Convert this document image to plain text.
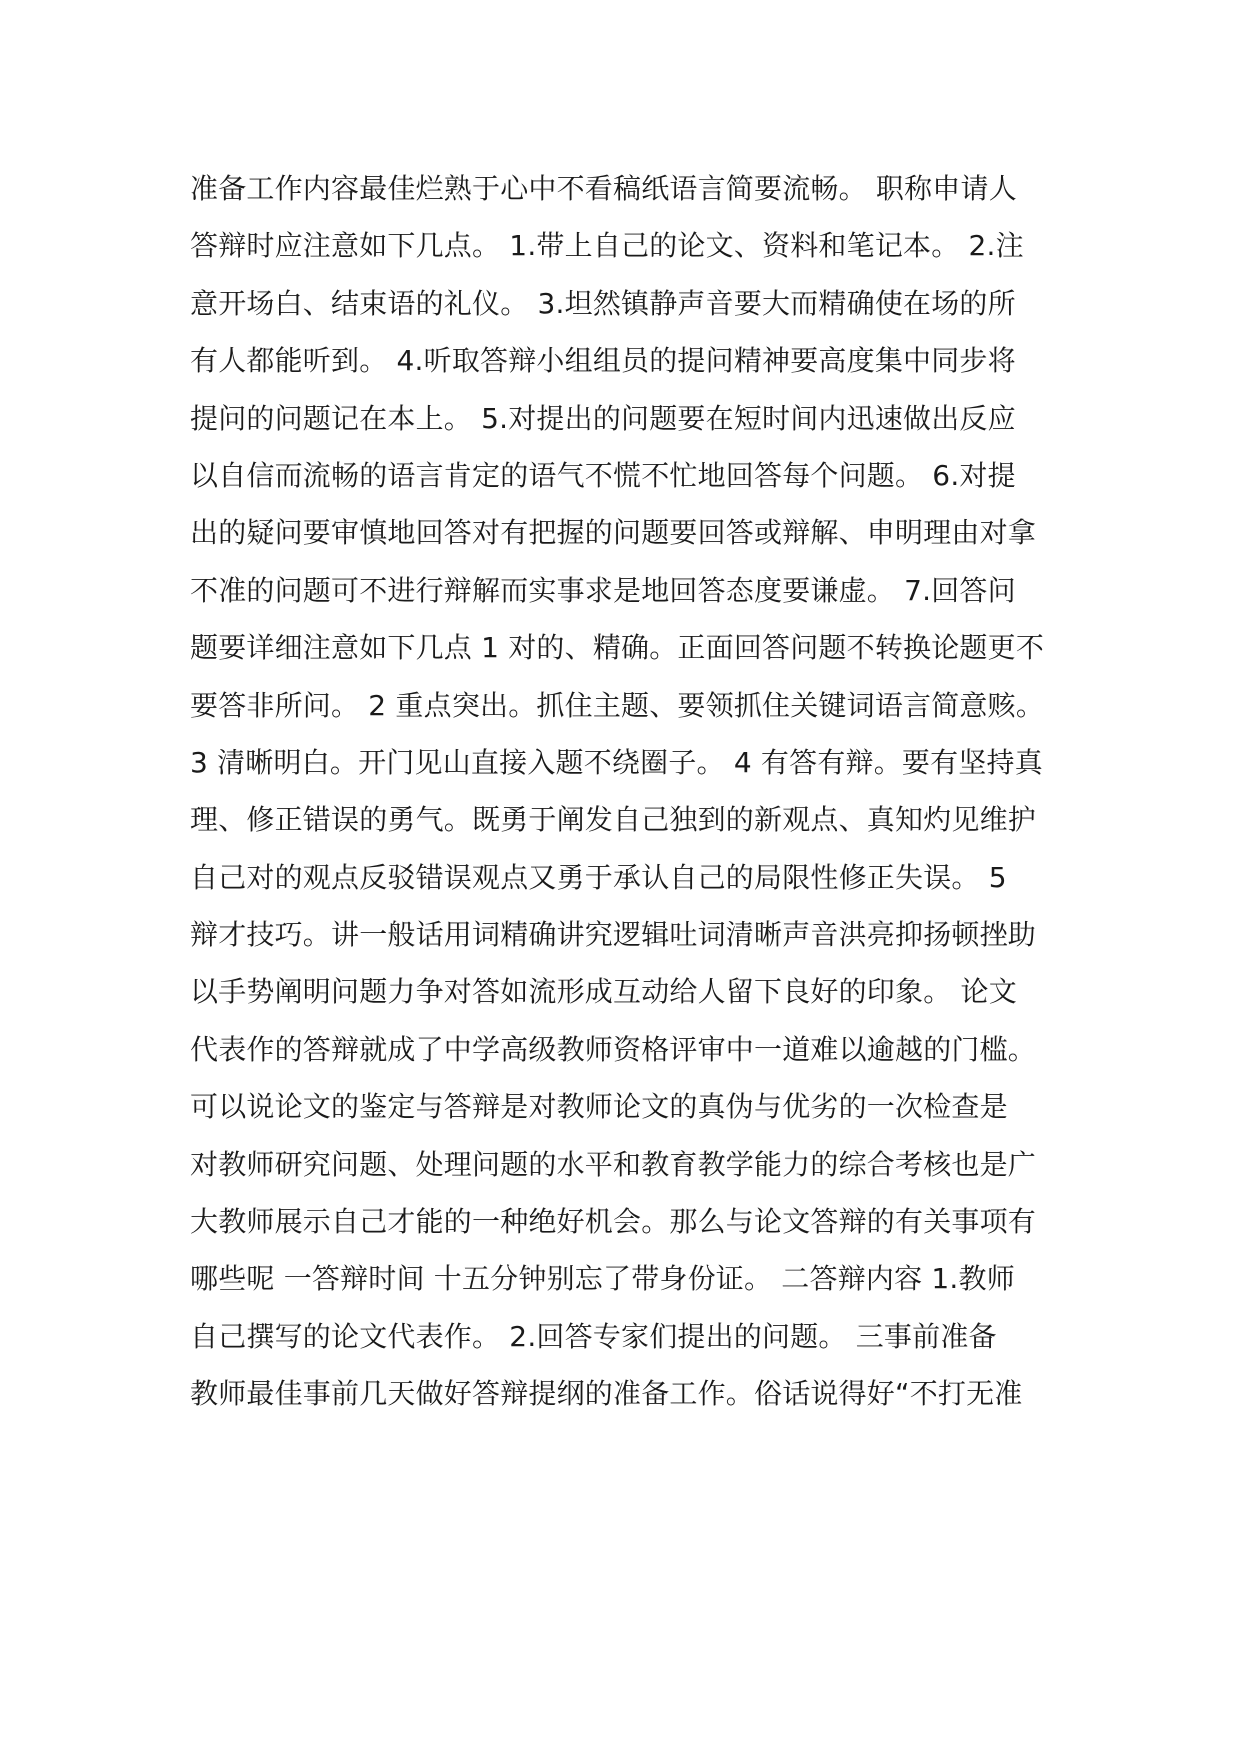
准备工作内容最佳烂熟于心中不看稿纸语言简要流畅。 职称申请人
答辩时应注意如下几点。 1.带上自己的论文、资料和笔记本。 2.注
意开场白、结束语的礼仪。 3.坦然镇静声音要大而精确使在场的所
有人都能听到。 4.听取答辩小组组员的提问精神要高度集中同步将
提问的问题记在本上。 5.对提出的问题要在短时间内迅速做出反应
以自信而流畅的语言肯定的语气不慌不忙地回答每个问题。 6.对提
出的疑问要审慎地回答对有把握的问题要回答或辩解、申明理由对拿
不准的问题可不进行辩解而实事求是地回答态度要谦虚。 7.回答问
题要详细注意如下几点 1 对的、精确。正面回答问题不转换论题更不
要答非所问。 2 重点突出。抓住主题、要领抓住关键词语言简意赅。
3 清晰明白。开门见山直接入题不绕圈子。 4 有答有辩。要有坚持真
理、修正错误的勇气。既勇于阐发自己独到的新观点、真知灼见维护
自己对的观点反驳错误观点又勇于承认自己的局限性修正失误。 5
辩才技巧。讲一般话用词精确讲究逻辑吐词清晰声音洪亮抑扬顿挫助
以手势阐明问题力争对答如流形成互动给人留下良好的印象。 论文
代表作的答辩就成了中学高级教师资格评审中一道难以逾越的门槛。
可以说论文的鉴定与答辩是对教师论文的真伪与优劣的一次检查是
对教师研究问题、处理问题的水平和教育教学能力的综合考核也是广
大教师展示自己才能的一种绝好机会。那么与论文答辩的有关事项有
哪些呢 一答辩时间 十五分钟别忘了带身份证。 二答辩内容 1.教师
自己撰写的论文代表作。 2.回答专家们提出的问题。 三事前准备
教师最佳事前几天做好答辩提纲的准备工作。俗话说得好“不打无准
